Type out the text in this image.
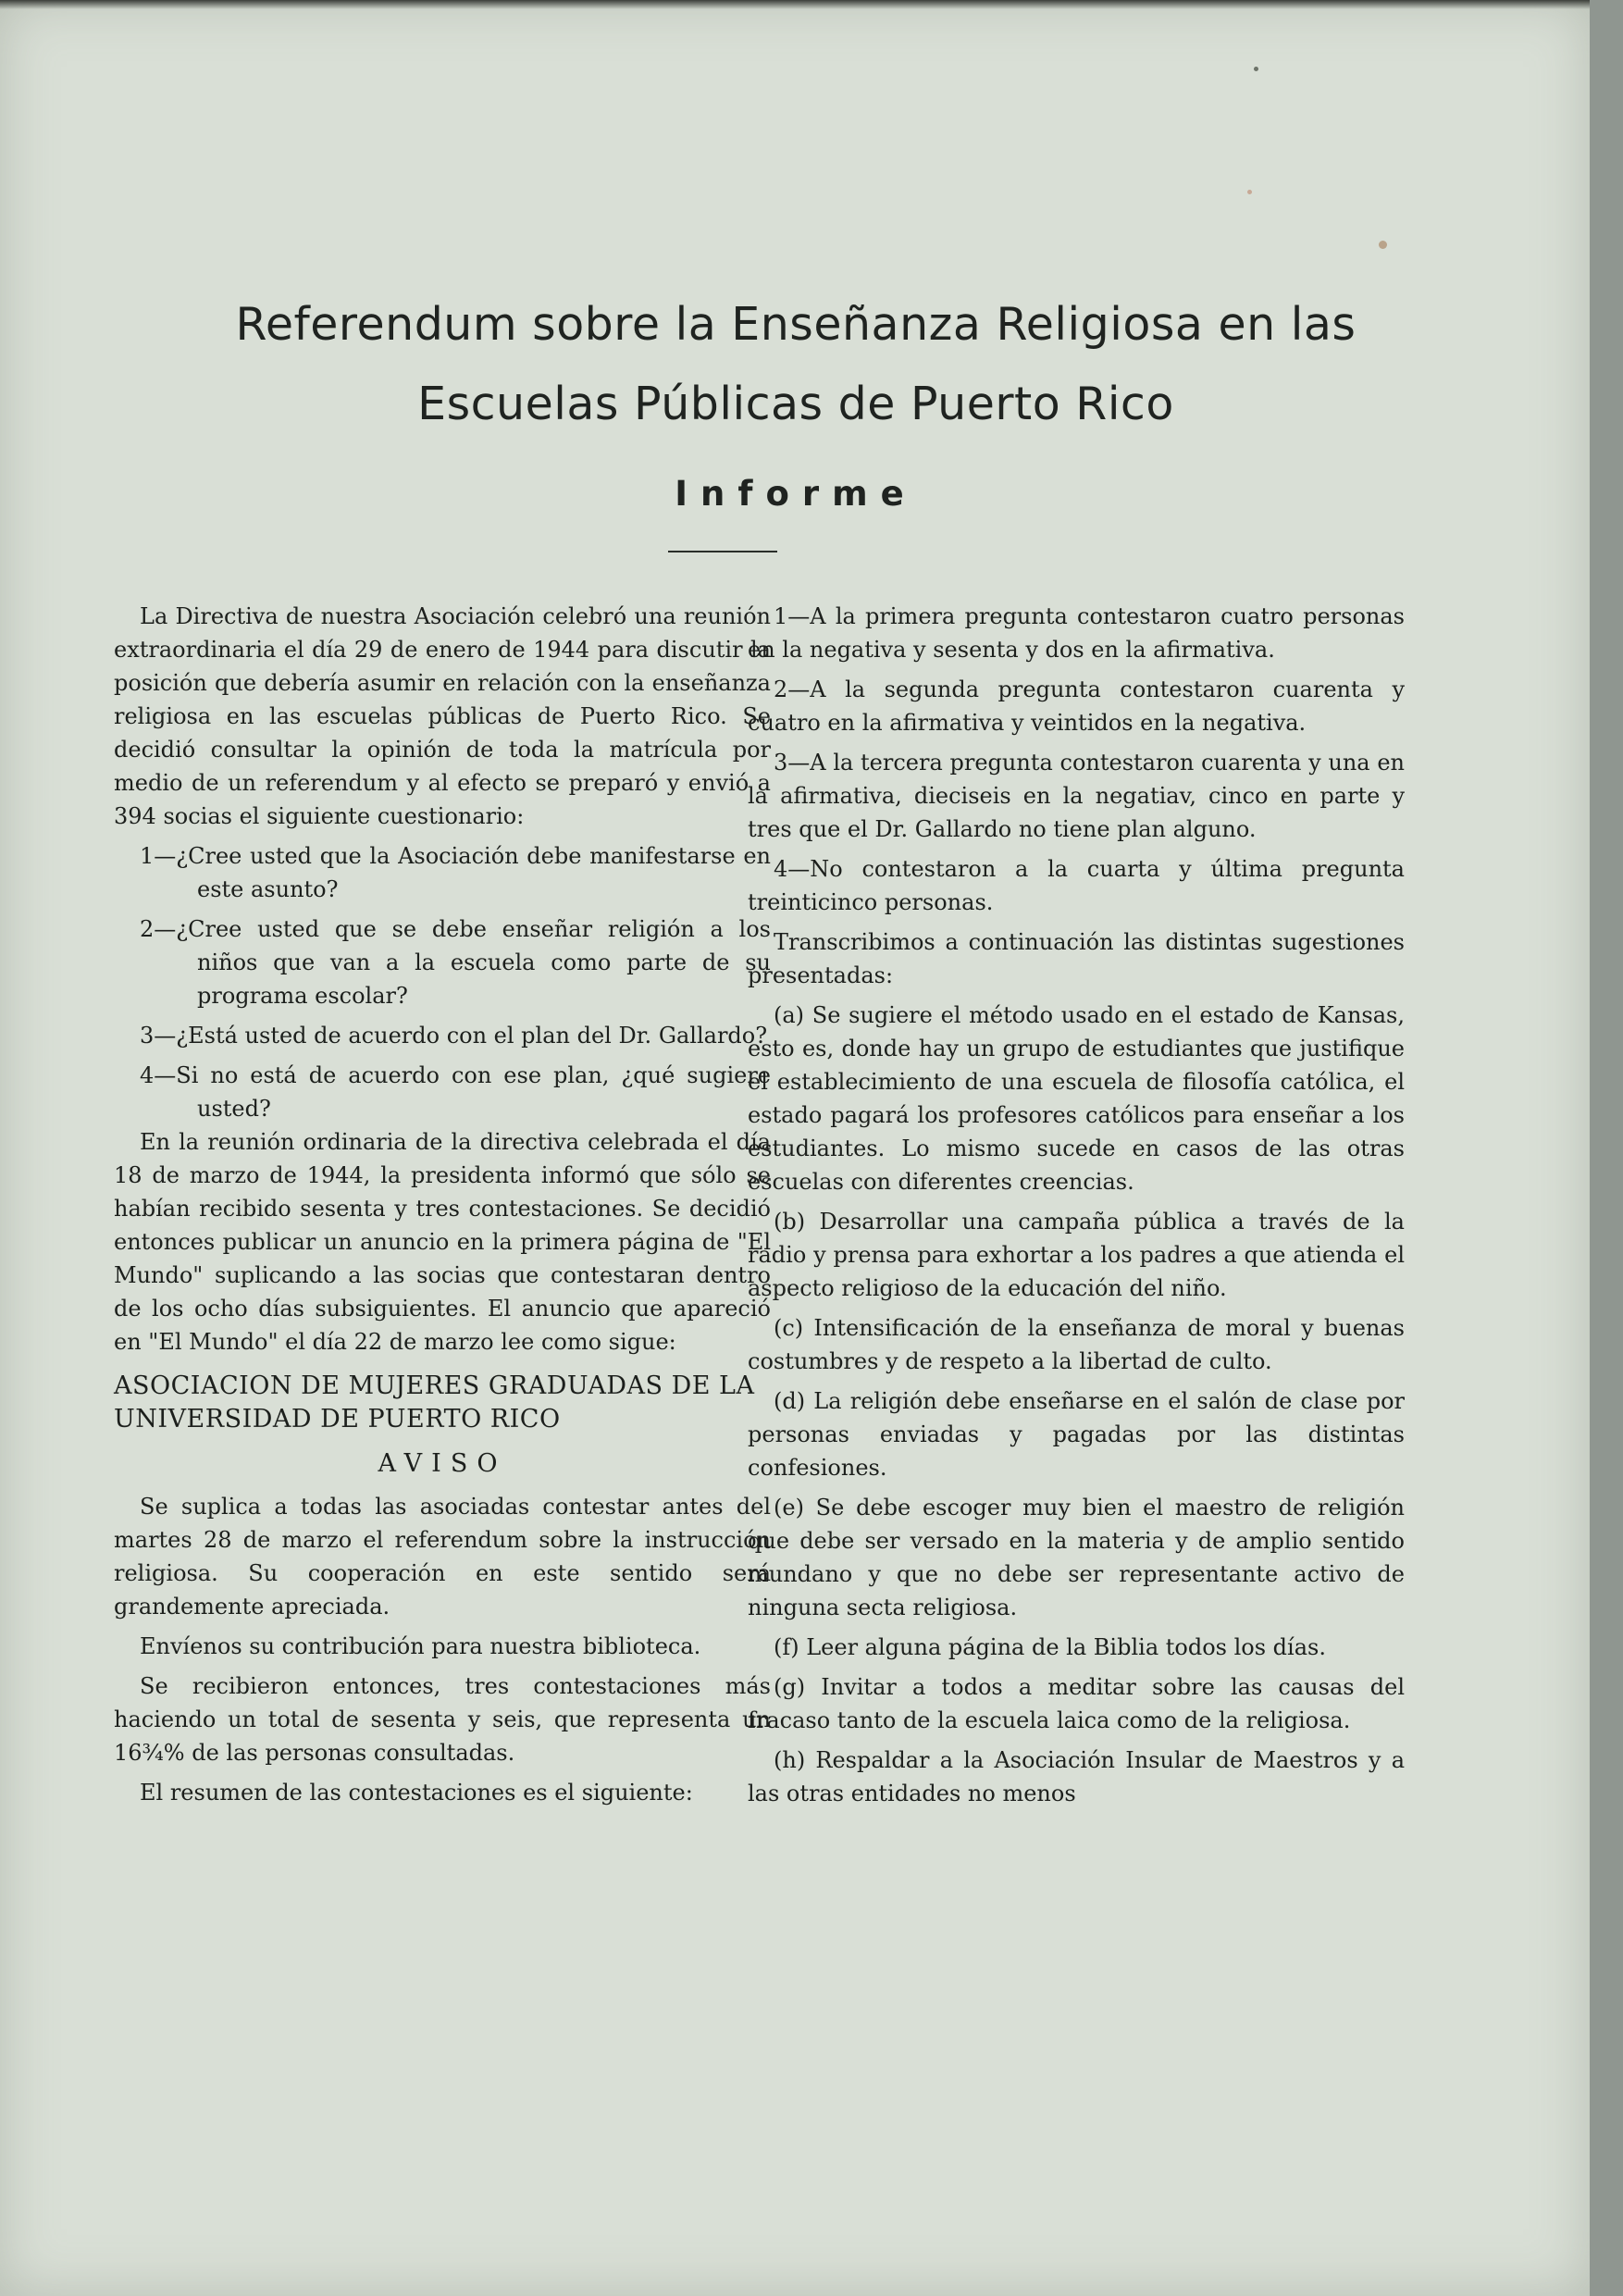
Referendum sobre la Enseñanza Religiosa en las
Escuelas Públicas de Puerto Rico
Informe

La Directiva de nuestra Asociación celebró una reunión extraordinaria el día 29 de enero de 1944 para discutir la posición que debería asumir en relación con la enseñanza religiosa en las escuelas públicas de Puerto Rico. Se decidió consultar la opinión de toda la matrícula por medio de un referendum y al efecto se preparó y envió a 394 socias el siguiente cuestionario:

1—¿Cree usted que la Asociación debe manifestarse en este asunto?

2—¿Cree usted que se debe enseñar religión a los niños que van a la escuela como parte de su programa escolar?

3—¿Está usted de acuerdo con el plan del Dr. Gallardo?

4—Si no está de acuerdo con ese plan, ¿qué sugiere usted?

En la reunión ordinaria de la directiva celebrada el día 18 de marzo de 1944, la presidenta informó que sólo se habían recibido sesenta y tres contestaciones. Se decidió entonces publicar un anuncio en la primera página de "El Mundo" suplicando a las socias que contestaran dentro de los ocho días subsiguientes. El anuncio que apareció en "El Mundo" el día 22 de marzo lee como sigue:

ASOCIACION DE MUJERES GRADUADAS DE LA UNIVERSIDAD DE PUERTO RICO

AVISO

Se suplica a todas las asociadas contestar antes del martes 28 de marzo el referendum sobre la instrucción religiosa. Su cooperación en este sentido será grandemente apreciada.

Envíenos su contribución para nuestra biblioteca.

Se recibieron entonces, tres contestaciones más haciendo un total de sesenta y seis, que representa un 16¾% de las personas consultadas.

El resumen de las contestaciones es el siguiente:

1—A la primera pregunta contestaron cuatro personas en la negativa y sesenta y dos en la afirmativa.

2—A la segunda pregunta contestaron cuarenta y cuatro en la afirmativa y veintidos en la negativa.

3—A la tercera pregunta contestaron cuarenta y una en la afirmativa, dieciseis en la negatiav, cinco en parte y tres que el Dr. Gallardo no tiene plan alguno.

4—No contestaron a la cuarta y última pregunta treinticinco personas.

Transcribimos a continuación las distintas sugestiones presentadas:

(a) Se sugiere el método usado en el estado de Kansas, esto es, donde hay un grupo de estudiantes que justifique el establecimiento de una escuela de filosofía católica, el estado pagará los profesores católicos para enseñar a los estudiantes. Lo mismo sucede en casos de las otras escuelas con diferentes creencias.

(b) Desarrollar una campaña pública a través de la radio y prensa para exhortar a los padres a que atienda el aspecto religioso de la educación del niño.

(c) Intensificación de la enseñanza de moral y buenas costumbres y de respeto a la libertad de culto.

(d) La religión debe enseñarse en el salón de clase por personas enviadas y pagadas por las distintas confesiones.

(e) Se debe escoger muy bien el maestro de religión que debe ser versado en la materia y de amplio sentido mundano y que no debe ser representante activo de ninguna secta religiosa.

(f) Leer alguna página de la Biblia todos los días.

(g) Invitar a todos a meditar sobre las causas del fracaso tanto de la escuela laica como de la religiosa.

(h) Respaldar a la Asociación Insular de Maestros y a las otras entidades no menos
